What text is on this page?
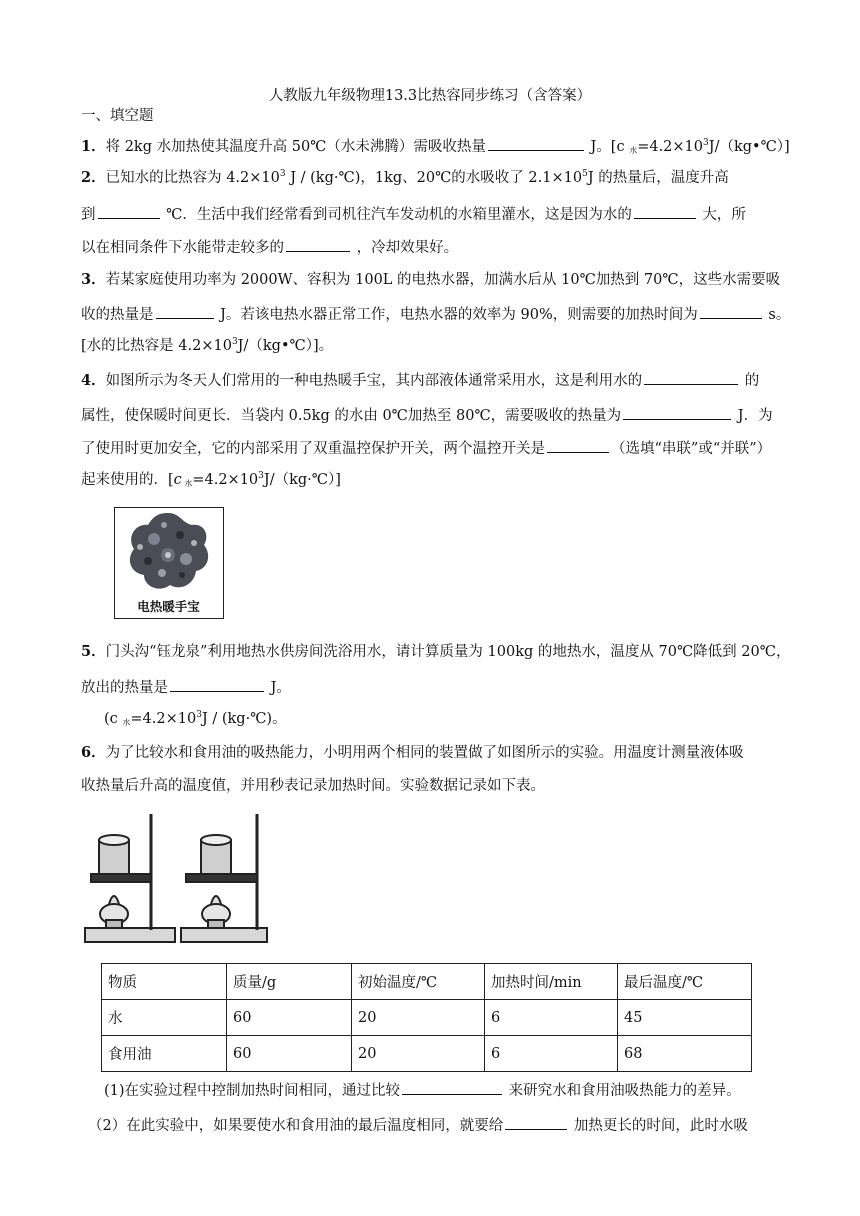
人教版九年级物理13.3比热容同步练习（含答案）
一、填空题
1．将 2kg 水加热使其温度升高 50℃（水未沸腾）需吸收热量	J。[c $_水=4.2\times 10^3J/(kg•℃)$]
2．已知水的比热容为 $4.2\times 10^3$ J / (kg·℃)，1kg、20℃的水吸收了 $2.1\times 10^5J$ 的热量后，温度升高
到	℃．生活中我们经常看到司机往汽车发动机的水箱里灌水，这是因为水的	大，所
以在相同条件下水能带走较多的	，冷却效果好。
3．若某家庭使用功率为 2000W、容积为 100L 的电热水器，加满水后从 10℃加热到 70℃，这些水需要吸
收的热量是	J。若该电热水器正常工作，电热水器的效率为 90%，则需要的加热时间为	s。
[水的比热容是 $4.2\times 10^3J/(kg•℃)$]。
4．如图所示为冬天人们常用的一种电热暖手宝，其内部液体通常采用水，这是利用水的	的
属性，使保暖时间更长．当袋内 0.5kg 的水由 0℃加热至 80℃，需要吸收的热量为	J．为
了使用时更加安全，它的内部采用了双重温控保护开关，两个温控开关是	（选填“串联”或“并联”）
起来使用的．[c $_水=4.2\times 10^3J/(kg\cdot℃)$]
电热暖手宝
5．门头沟“钰龙泉”利用地热水供房间洗浴用水，请计算质量为 100kg 的地热水，温度从 70℃降低到 20℃，
放出的热量是	J。
(c $_水=4.2\times 10^3J$ / (kg·℃)。
6．为了比较水和食用油的吸热能力，小明用两个相同的装置做了如图所示的实验。用温度计测量液体吸
收热量后升高的温度值，并用秒表记录加热时间。实验数据记录如下表。
物质	质量/g	初始温度/℃	加热时间/min	最后温度/℃
水	60	20	6	45
食用油	60	20	6	68
(1)在实验过程中控制加热时间相同，通过比较	来研究水和食用油吸热能力的差异。
（2）在此实验中，如果要使水和食用油的最后温度相同，就要给	加热更长的时间，此时水吸
